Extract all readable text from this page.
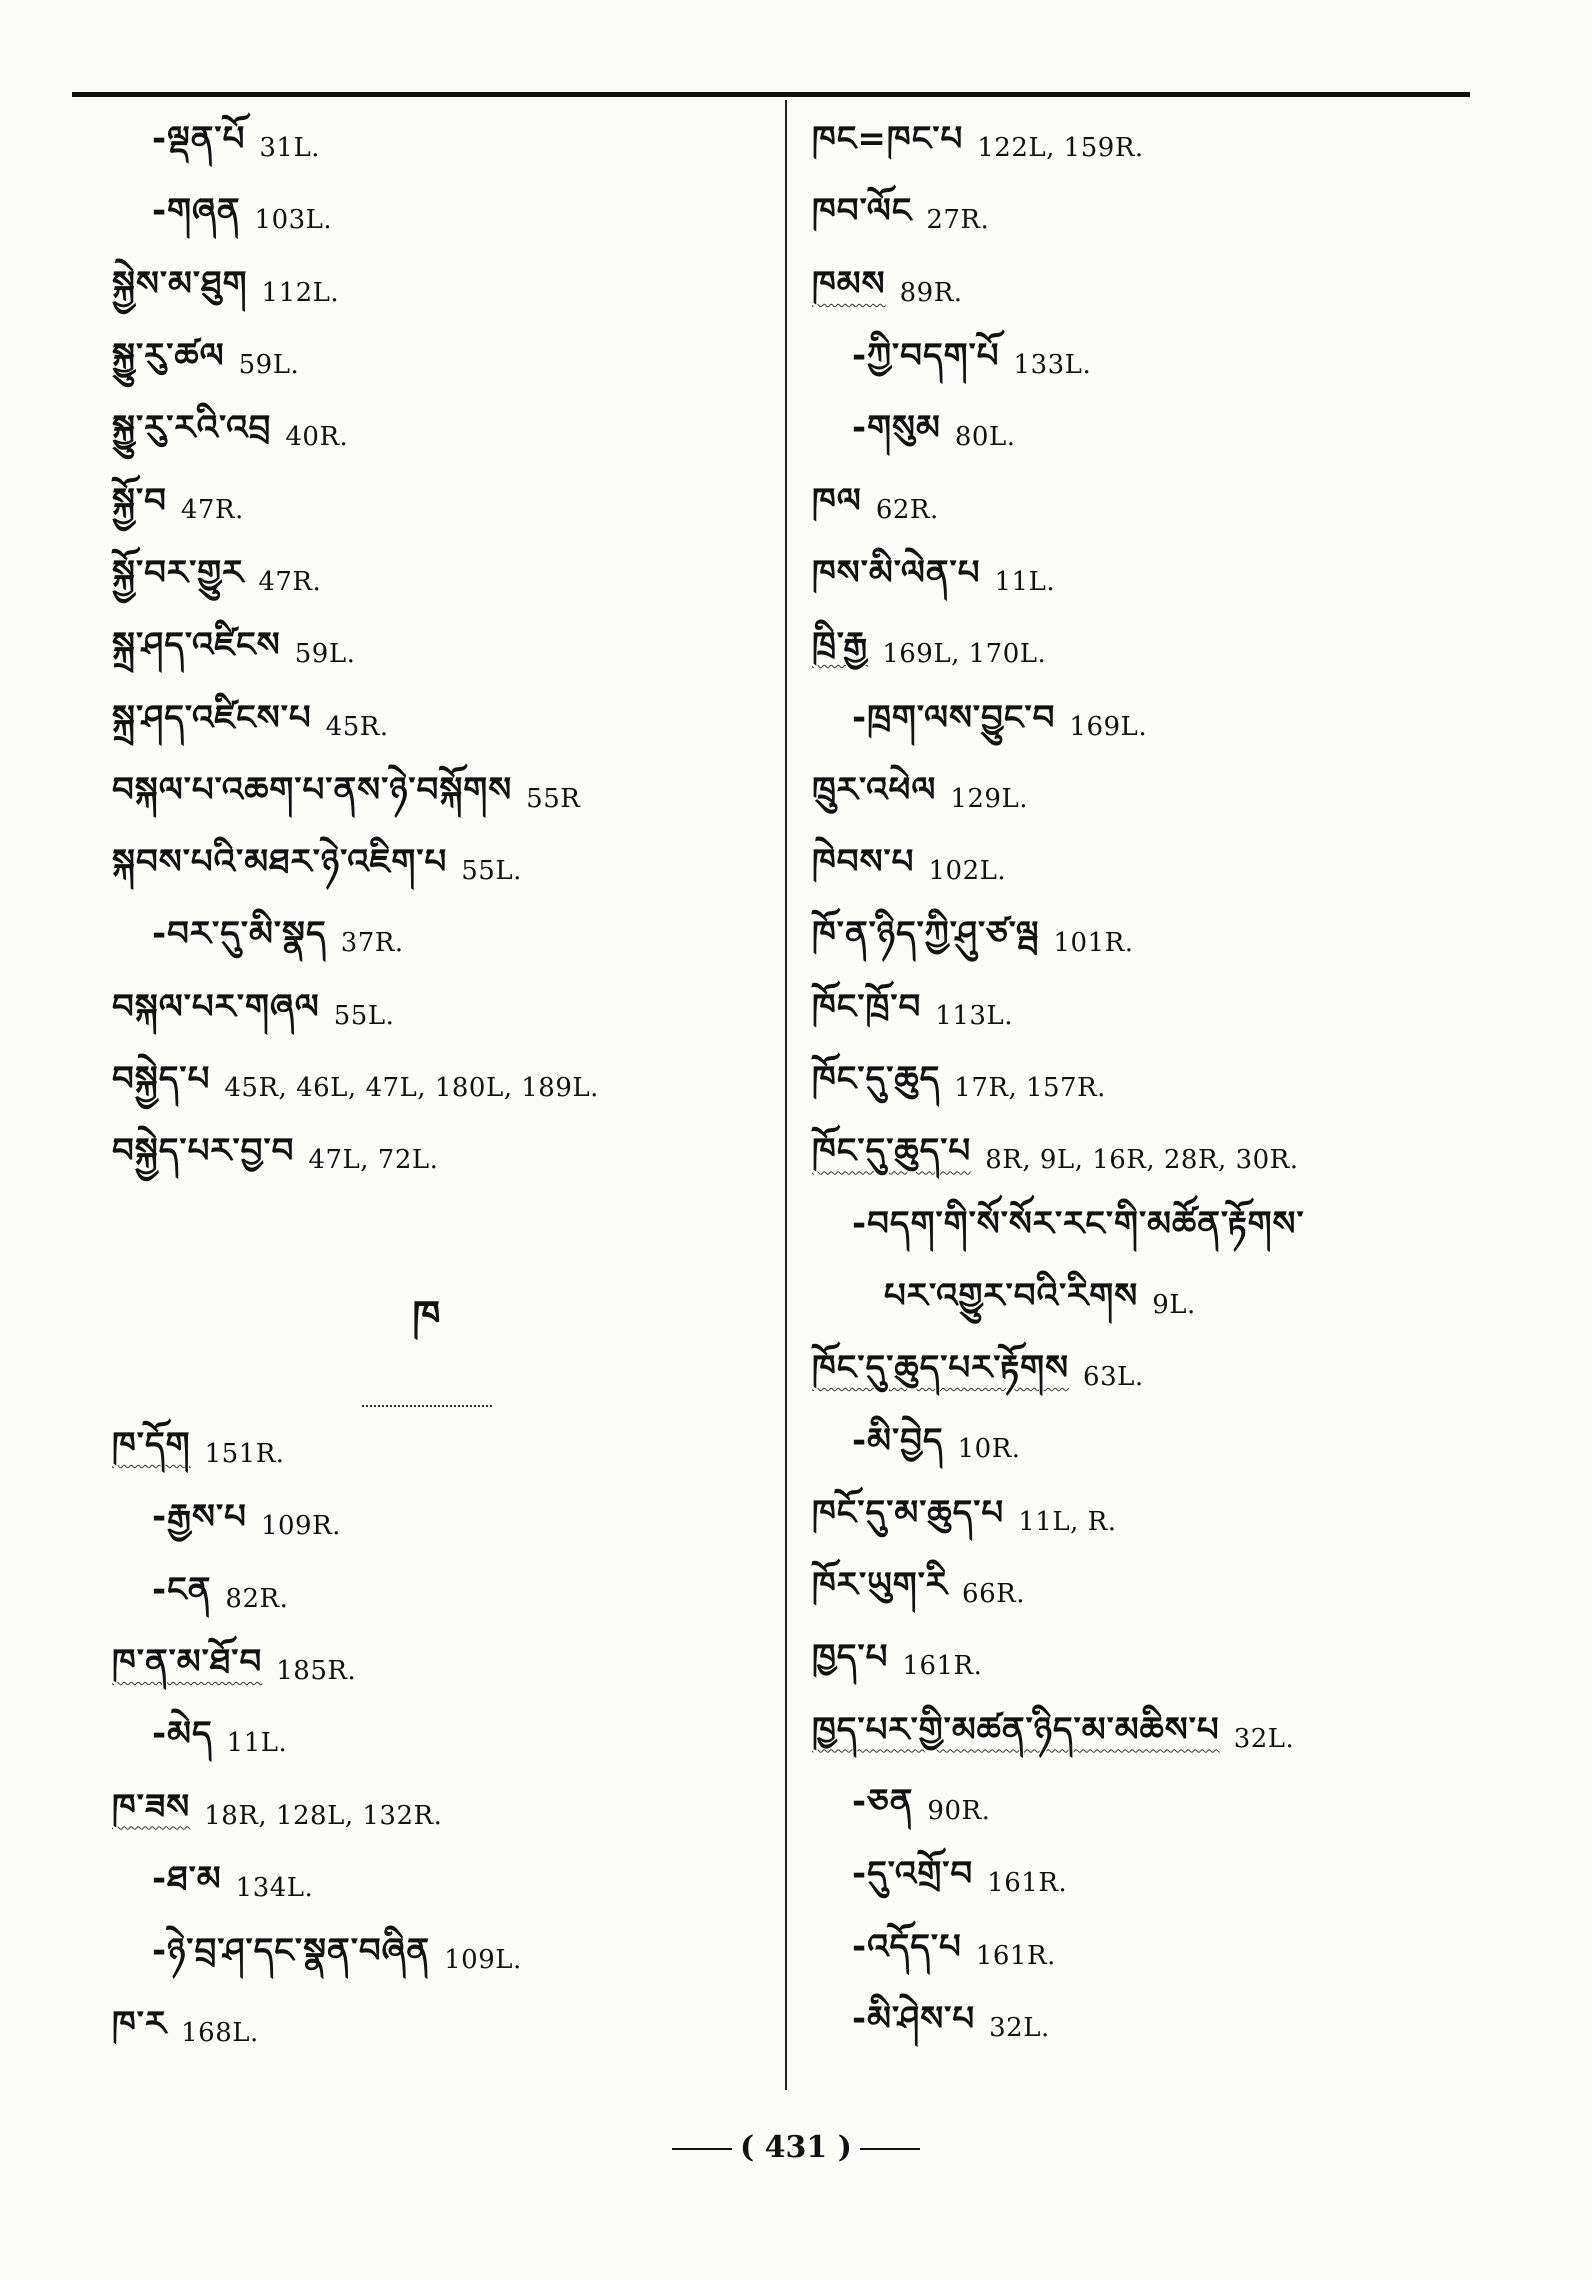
-ལྡན་པོ 31L.
-གཞན 103L.
སྐྱེས་མ་ཐུག 112L.
སྐྱུ་རུ་ཚལ 59L.
སྐྱུ་རུ་རའི་འབྲ 40R.
སྐྱོ་བ 47R.
སྐྱོ་བར་གྱུར 47R.
སྐྲ་ཤད་འཛིངས 59L.
སྐྲ་ཤད་འཛིངས་པ 45R.
བསྐལ་པ་འཆག་པ་ནས་ཉེ་བསྐོགས 55R
སྐབས་པའི་མཐར་ཉེ་འཇིག་པ 55L.
-བར་དུ་མི་སྣད 37R.
བསྐལ་པར་གཞལ 55L.
བསྐྱེད་པ 45R, 46L, 47L, 180L, 189L.
བསྐྱེད་པར་བྱ་བ 47L, 72L.
ཁ
ཁ་དོག 151R.
-རྒྱས་པ 109R.
-ངན 82R.
ཁ་ན་མ་ཐོ་བ 185R.
-མེད 11L.
ཁ་ཟས 18R, 128L, 132R.
-ཐ་མ 134L.
-ཉེ་བྲ་ཤ་དང་སྣན་བཞིན 109L.
ཁ་ར 168L.
ཁང=ཁང་པ 122L, 159R.
ཁབ་ལོང 27R.
ཁམས 89R.
-ཀྱི་བདག་པོ 133L.
-གསུམ 80L.
ཁལ 62R.
ཁས་མི་ལེན་པ 11L.
ཁྲི་རྒྱ 169L, 170L.
-ཁྲག་ལས་བྱུང་བ 169L.
ཁྲུར་འཕེལ 129L.
ཁེབས་པ 102L.
ཁོ་ན་ཉིད་ཀྱི་ཤུ་ཙ་ལྦ 101R.
ཁོང་ཁྲོ་བ 113L.
ཁོང་དུ་ཆུད 17R, 157R.
ཁོང་དུ་ཆུད་པ 8R, 9L, 16R, 28R, 30R.
-བདག་གི་སོ་སོར་རང་གི་མཚོན་རྟོགས་
པར་འགྱུར་བའི་རིགས 9L.
ཁོང་དུ་ཆུད་པར་རྟོགས 63L.
-མི་བྱེད 10R.
ཁངོ་དུ་མ་ཆུད་པ 11L, R.
ཁོར་ཡུག་རི 66R.
ཁྱད་པ 161R.
ཁྱད་པར་གྱི་མཚན་ཉིད་མ་མཆིས་པ 32L.
-ཅན 90R.
-དུ་འགྲོ་བ 161R.
-འདོད་པ 161R.
-མི་ཤེས་པ 32L.
( 431 )
